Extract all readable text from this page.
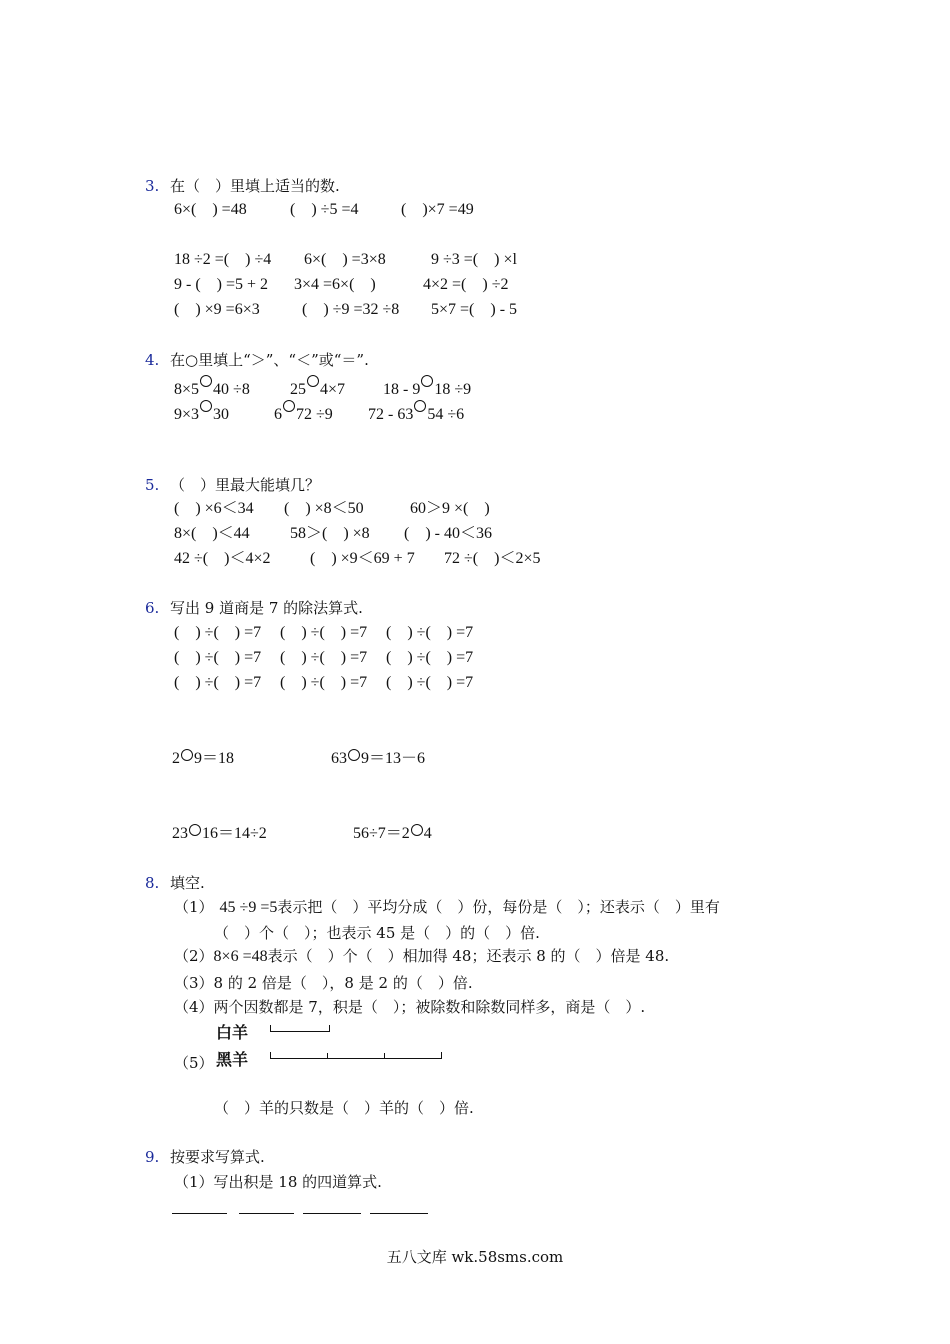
3. 在（　）里填上适当的数.
6×(　) =48	(　) ÷5 =4	(　)×7 =49
18 ÷2 =(　) ÷4 6×(　) =3×8	9 ÷3 =(　) ×l
9 - (　) =5 + 2 3×4 =6×(　)	4×2 =(　) ÷2
(　) ×9 =6×3	(　) ÷9 =32 ÷8 5×7 =(　) - 5
4. 在○里填上“＞”、“＜”或“＝”.
8×5 40 ÷8	25 4×7 18 - 9 18 ÷9
9×3 30	6 72 ÷9 72 - 63 54 ÷6
5. （　）里最大能填几？
(　) ×6＜34 (　) ×8＜50	60＞9 ×(　)
8×(　)＜44	58＞(　) ×8 (　) - 40＜36
42 ÷(　)＜4×2 (　) ×9＜69 + 7 72 ÷(　)＜2×5
6. 写出 9 道商是 7 的除法算式.
(　) ÷(　) =7 (　) ÷(　) =7 (　) ÷(　) =7
(　) ÷(　) =7 (　) ÷(　) =7 (　) ÷(　) =7
(　) ÷(　) =7 (　) ÷(　) =7 (　) ÷(　) =7
2 9＝18	63 9＝13－6
23 16＝14÷2	56÷7＝2 4
8. 填空.
（1） 45 ÷9 =5表示把（　）平均分成（　）份，每份是（　）；还表示（　）里有
（　）个（　）；也表示 45 是（　）的（　）倍.
（2）8×6 =48表示（　）个（　）相加得 48；还表示 8 的（　）倍是 48.
（3）8 的 2 倍是（　），8 是 2 的（　）倍.
（4）两个因数都是 7，积是（　）；被除数和除数同样多，商是（　）.
白羊
黑羊
（5）
（　）羊的只数是（　）羊的（　）倍.
9. 按要求写算式.
（1）写出积是 18 的四道算式.
五八文库 wk.58sms.com
